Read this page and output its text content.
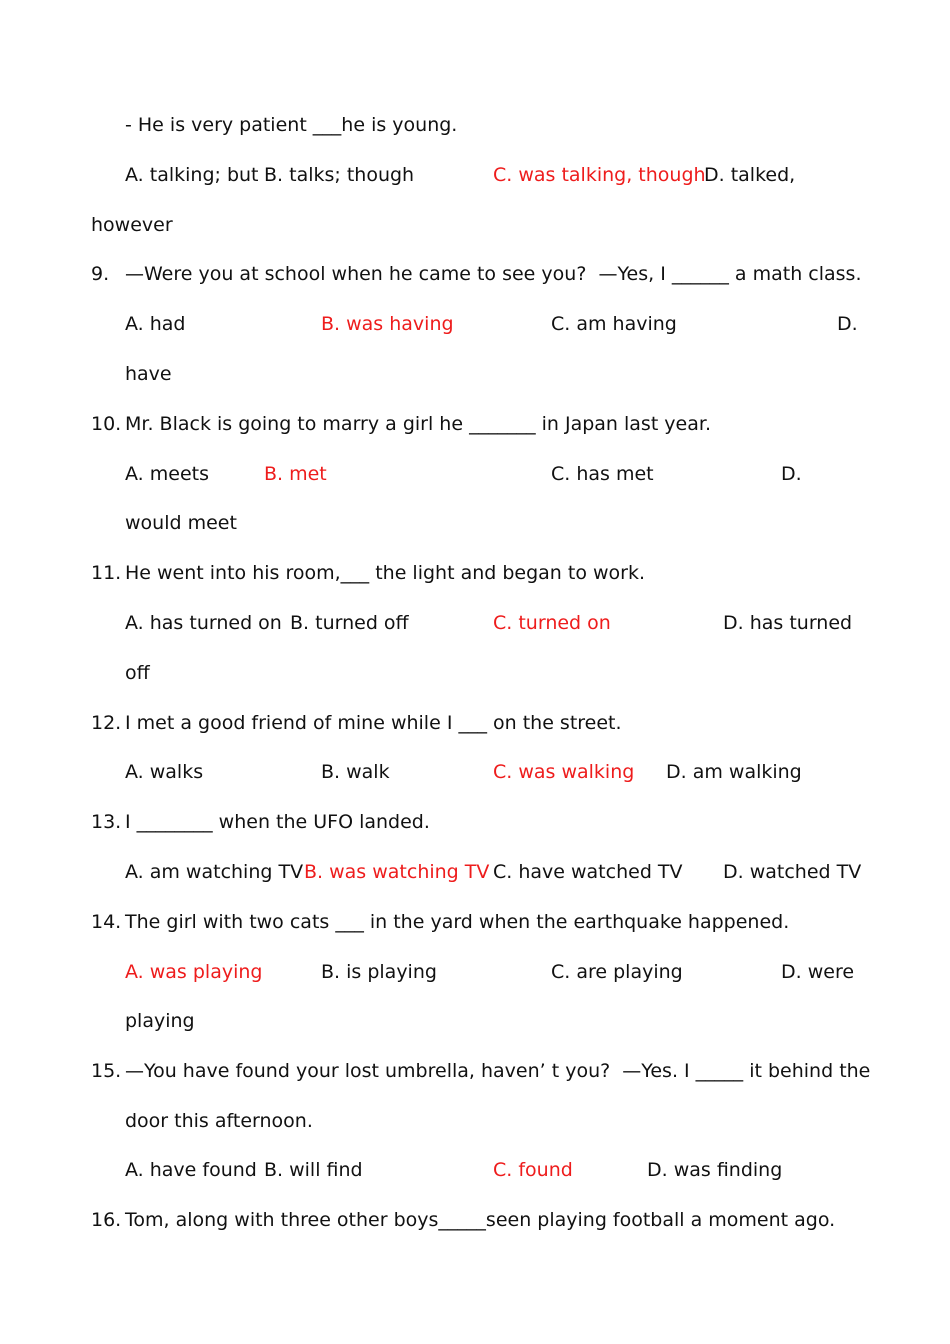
- He is very patient ___he is young.
A. talking; but B. talks; though	C. was talking, though
D. talked,
however
9. —Were you at school when he came to see you?  —Yes, I ______ a math class.
A. had	B. was having	C. am having	D.
have
10. Mr. Black is going to marry a girl he _______ in Japan last year.
A. meets	B. met	C. has met	D.
would meet
11. He went into his room,___ the light and began to work.
A. has turned on B. turned off	C. turned on	D. has turned
off
12. I met a good friend of mine while I ___ on the street.
A. walks	B. walk	C. was walking D. am walking
13. I ________ when the UFO landed.
A. am watching TV B. was watching TV C. have watched TV D. watched TV
14. The girl with two cats ___ in the yard when the earthquake happened.
A. was playing	B. is playing	C. are playing	D. were
playing
15. —You have found your lost umbrella, haven’ t you?  —Yes. I _____ it behind the
door this afternoon.
A. have found B. will find	C. found	D. was finding
16. Tom, along with three other boys_____seen playing football a moment ago.
